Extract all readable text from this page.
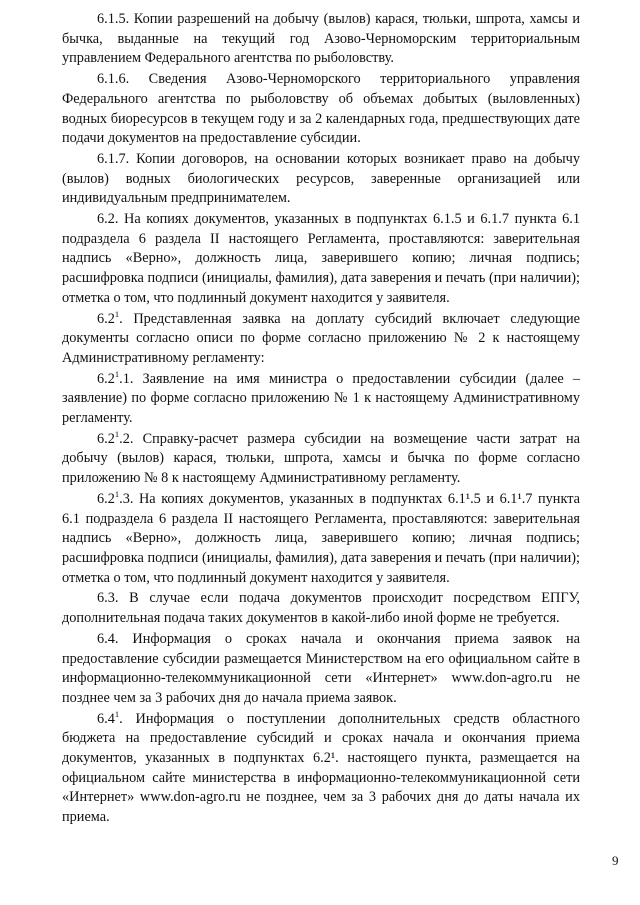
6.1.5. Копии разрешений на добычу (вылов) карася, тюльки, шпрота, хамсы и бычка, выданные на текущий год Азово-Черноморским территориальным управлением Федерального агентства по рыболовству.

6.1.6. Сведения Азово-Черноморского территориального управления Федерального агентства по рыболовству об объемах добытых (выловленных) водных биоресурсов в текущем году и за 2 календарных года, предшествующих дате подачи документов на предоставление субсидии.

6.1.7. Копии договоров, на основании которых возникает право на добычу (вылов) водных биологических ресурсов, заверенные организацией или индивидуальным предпринимателем.

6.2. На копиях документов, указанных в подпунктах 6.1.5 и 6.1.7 пункта 6.1 подраздела 6 раздела II настоящего Регламента, проставляются: заверительная надпись «Верно», должность лица, заверившего копию; личная подпись; расшифровка подписи (инициалы, фамилия), дата заверения и печать (при наличии); отметка о том, что подлинный документ находится у заявителя.

$6.2^1$. Представленная заявка на доплату субсидий включает следующие документы согласно описи по форме согласно приложению № 2 к настоящему Административному регламенту:

$6.2^1.1$. Заявление на имя министра о предоставлении субсидии (далее – заявление) по форме согласно приложению № 1 к настоящему Административному регламенту.

$6.2^1.2$. Справку-расчет размера субсидии на возмещение части затрат на добычу (вылов) карася, тюльки, шпрота, хамсы и бычка по форме согласно приложению № 8 к настоящему Административному регламенту.

$6.2^1.3$. На копиях документов, указанных в подпунктах 6.1¹.5 и 6.1¹.7 пункта 6.1 подраздела 6 раздела II настоящего Регламента, проставляются: заверительная надпись «Верно», должность лица, заверившего копию; личная подпись; расшифровка подписи (инициалы, фамилия), дата заверения и печать (при наличии); отметка о том, что подлинный документ находится у заявителя.

6.3. В случае если подача документов происходит посредством ЕПГУ, дополнительная подача таких документов в какой-либо иной форме не требуется.

6.4. Информация о сроках начала и окончания приема заявок на предоставление субсидии размещается Министерством на его официальном сайте в информационно-телекоммуникационной сети «Интернет» www.don-agro.ru не позднее чем за 3 рабочих дня до начала приема заявок.

$6.4^1$. Информация о поступлении дополнительных средств областного бюджета на предоставление субсидий и сроках начала и окончания приема документов, указанных в подпунктах 6.2¹. настоящего пункта, размещается на официальном сайте министерства в информационно-телекоммуникационной сети «Интернет» www.don-agro.ru не позднее, чем за 3 рабочих дня до даты начала их приема.

9
